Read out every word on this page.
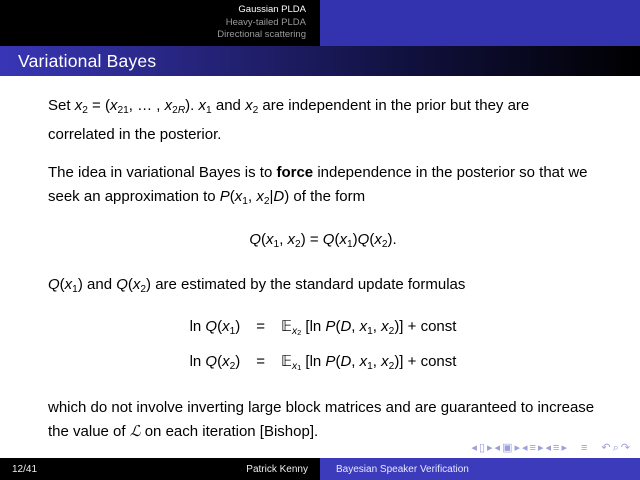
Gaussian PLDA
Heavy-tailed PLDA
Directional scattering
Variational Bayes

Set x2 = (x21, … , x2R). x1 and x2 are independent in the prior but they are correlated in the posterior.

The idea in variational Bayes is to force independence in the posterior so that we seek an approximation to P(x1, x2|D) of the form

Q(x1, x2) = Q(x1)Q(x2).

Q(x1) and Q(x2) are estimated by the standard update formulas

ln Q(x1) = 𝔼x$_2$ [ln P(D, x1, x2)] + const
ln Q(x2) = 𝔼x$_1$ [ln P(D, x1, x2)] + const

which do not involve inverting large block matrices and are guaranteed to increase the value of ℒ on each iteration [Bishop].

◂ ▯ ▸ ◂ ▣ ▸ ◂ ≡ ▸ ◂ ≡ ▸ ≡ ↶ ⌕ ↷
12/41	Patrick Kenny	Bayesian Speaker Verification
